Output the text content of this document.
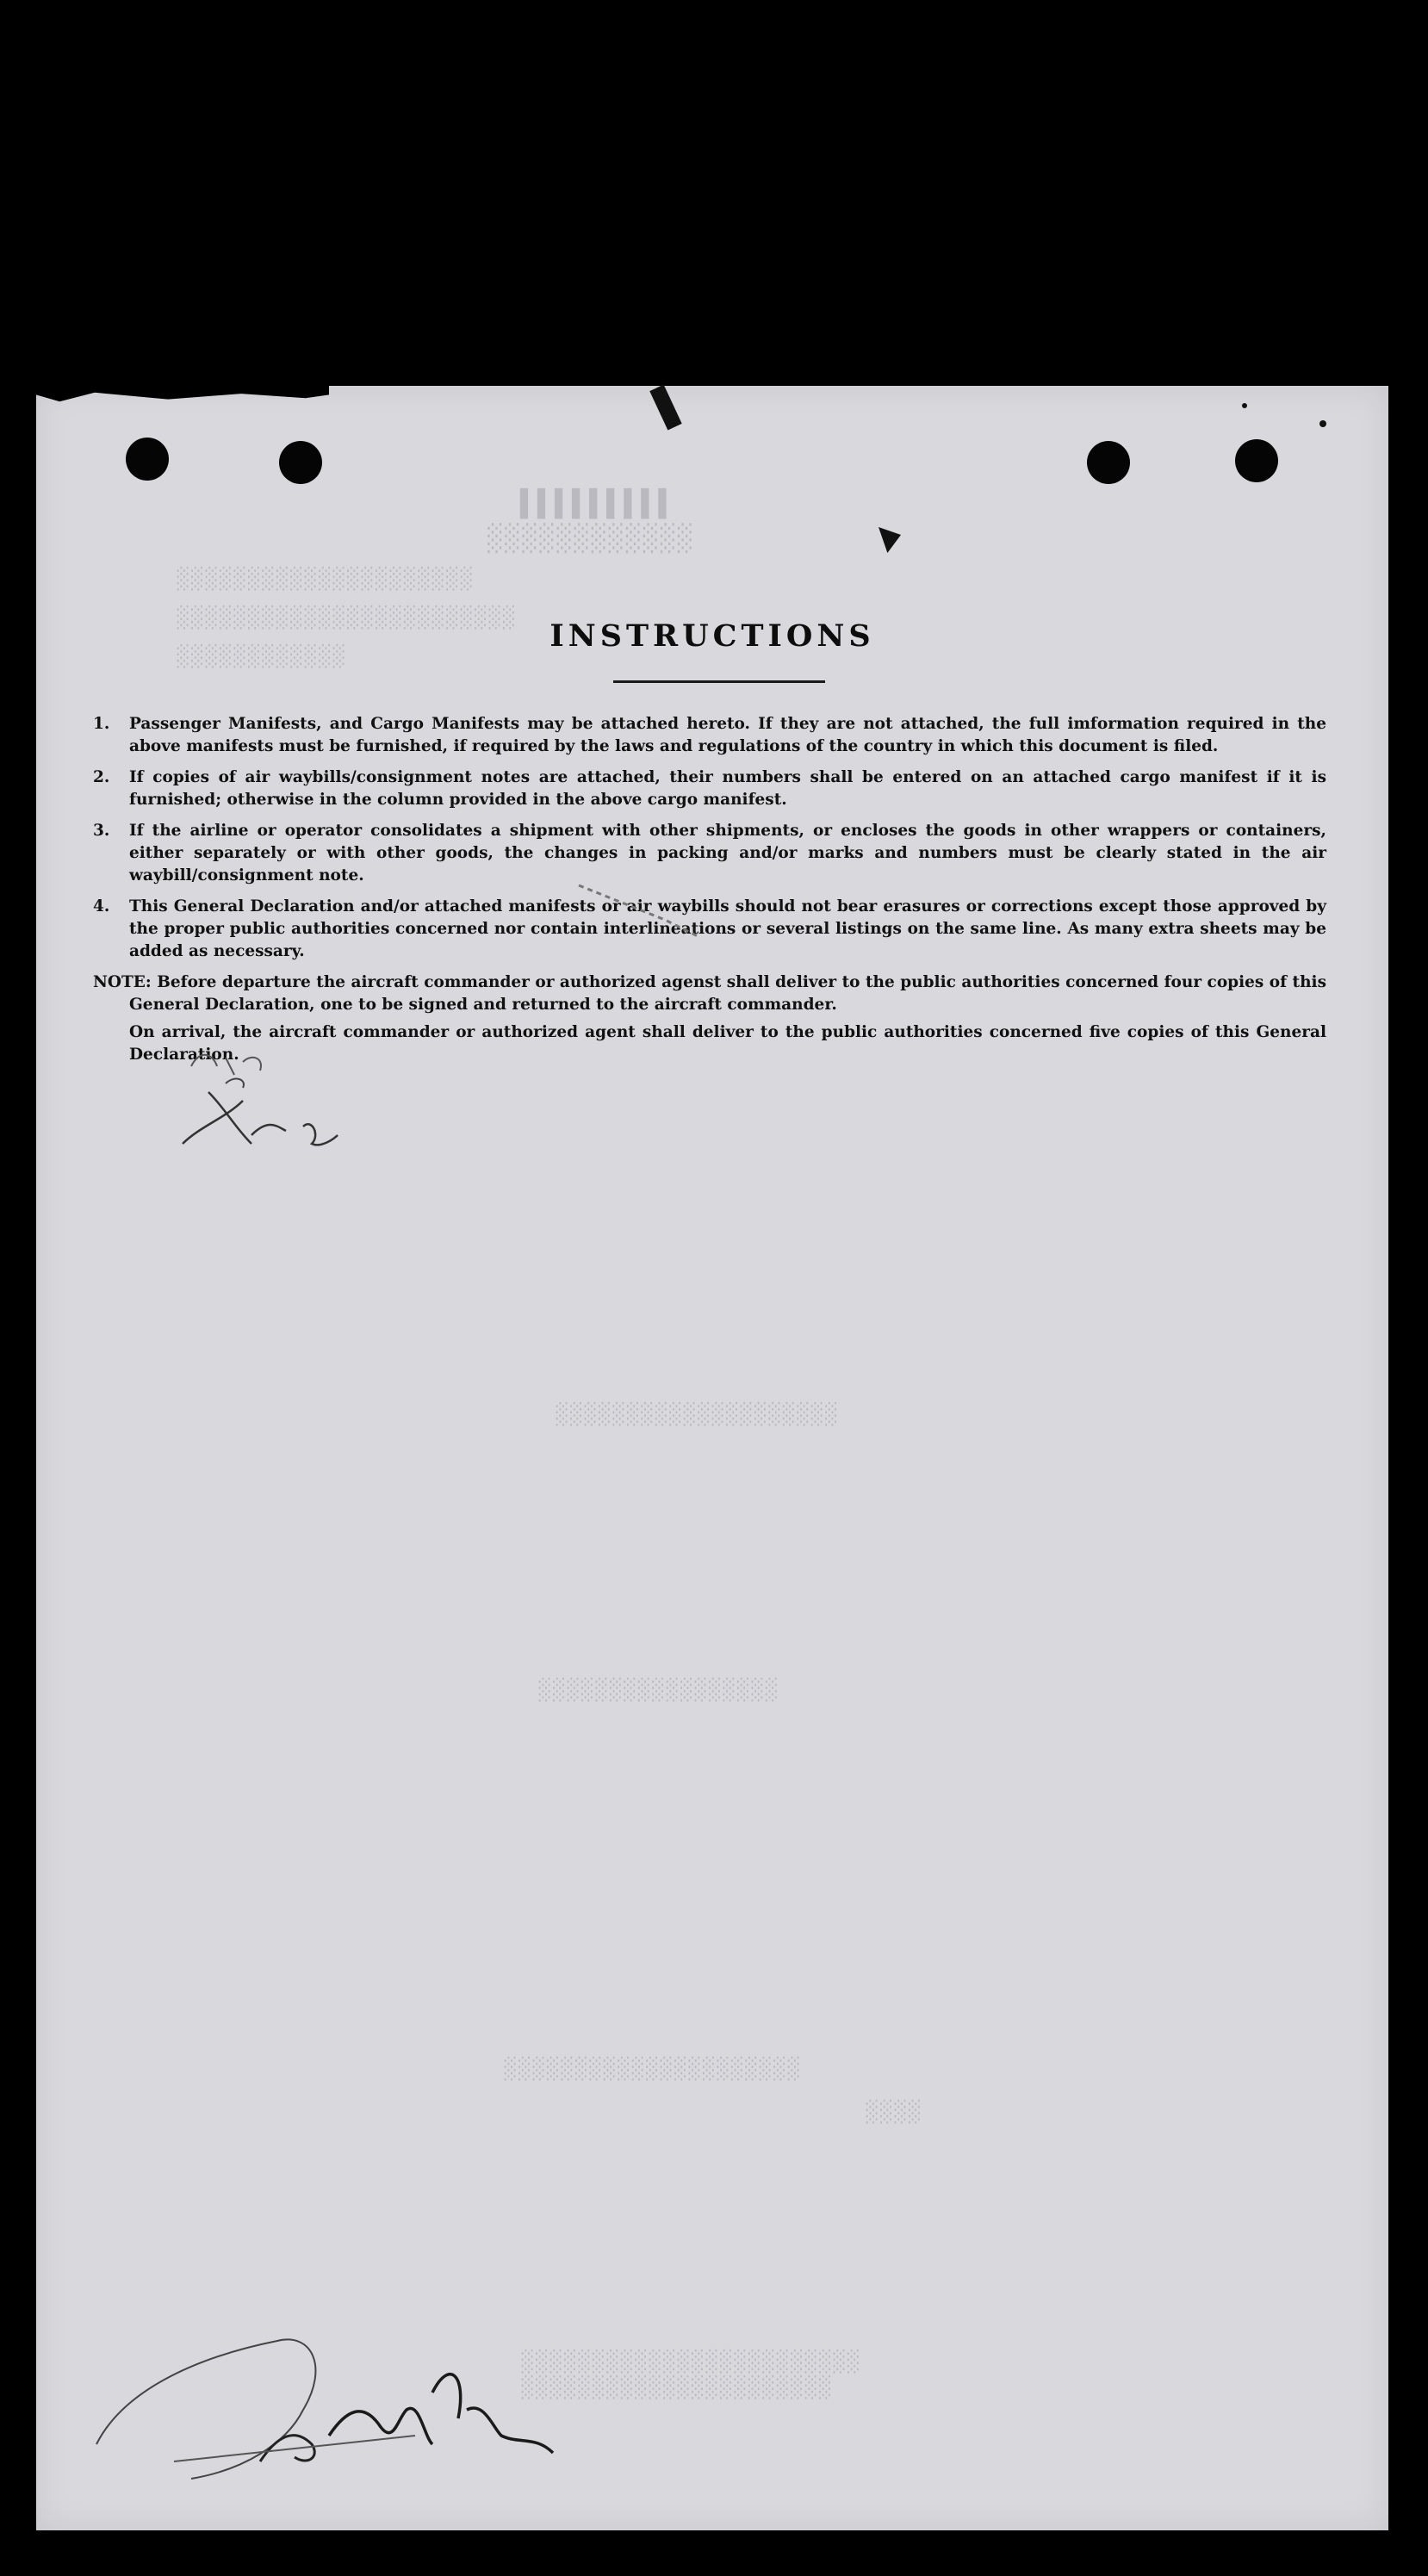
▐▐▐▐▐▐▐▐▐
░░░░░░░░░░░░
░░░░░░░░░░░░░░░░░░░░░
░░░░░░░░░░░░░░░░░░░░░░░░
░░░░░░░░░░░░
░░░░░░░░░░░░░░░░░░░░
░░░░░░░░░░░░░░░░░
░░░░░░░░░░░░░░░░░░░░░
░░░░
░░░░░░░░░░░░░░░░░░░░░░░░
░░░░░░░░░░░░░░░░░░░░░░
INSTRUCTIONS
1. Passenger Manifests, and Cargo Manifests may be attached hereto. If they are not attached, the full imformation required in the above manifests must be furnished, if required by the laws and regulations of the country in which this document is filed.
2. If copies of air waybills/consignment notes are attached, their numbers shall be entered on an attached cargo manifest if it is furnished; otherwise in the column provided in the above cargo manifest.
3. If the airline or operator consolidates a shipment with other shipments, or encloses the goods in other wrappers or containers, either separately or with other goods, the changes in packing and/or marks and numbers must be clearly stated in the air waybill/consignment note.
4. This General Declaration and/or attached manifests or air waybills should not bear erasures or corrections except those approved by the proper public authorities concerned nor contain interlineations or several listings on the same line. As many extra sheets may be added as necessary.
NOTE: Before departure the aircraft commander or authorized agenst shall deliver to the public authorities concerned four copies of this General Declaration, one to be signed and returned to the aircraft commander.
On arrival, the aircraft commander or authorized agent shall deliver to the public authorities concerned five copies of this General Declaration.
